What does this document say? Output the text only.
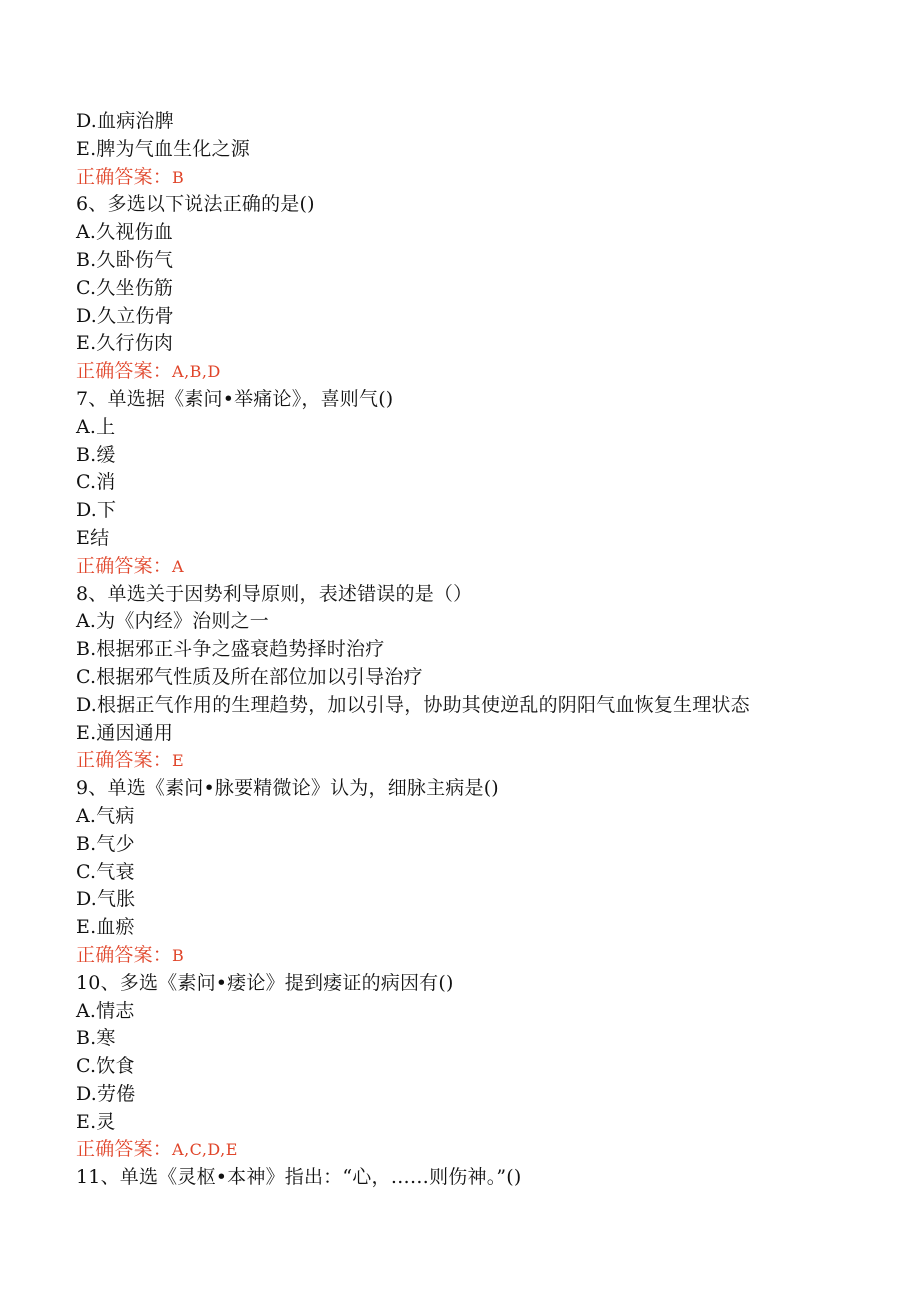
D.血病治脾
E.脾为气血生化之源
正确答案：B
6、多选以下说法正确的是()
A.久视伤血
B.久卧伤气
C.久坐伤筋
D.久立伤骨
E.久行伤肉
正确答案：A,B,D
7、单选据《素问•举痛论》，喜则气()
A.上
B.缓
C.消
D.下
E结
正确答案：A
8、单选关于因势利导原则，表述错误的是（）
A.为《内经》治则之一
B.根据邪正斗争之盛衰趋势择时治疗
C.根据邪气性质及所在部位加以引导治疗
D.根据正气作用的生理趋势，加以引导，协助其使逆乱的阴阳气血恢复生理状态
E.通因通用
正确答案：E
9、单选《素问•脉要精微论》认为，细脉主病是()
A.气病
B.气少
C.气衰
D.气胀
E.血瘀
正确答案：B
10、多选《素问•痿论》提到痿证的病因有()
A.情志
B.寒
C.饮食
D.劳倦
E.灵
正确答案：A,C,D,E
11、单选《灵枢•本神》指出：“心，……则伤神。”()
